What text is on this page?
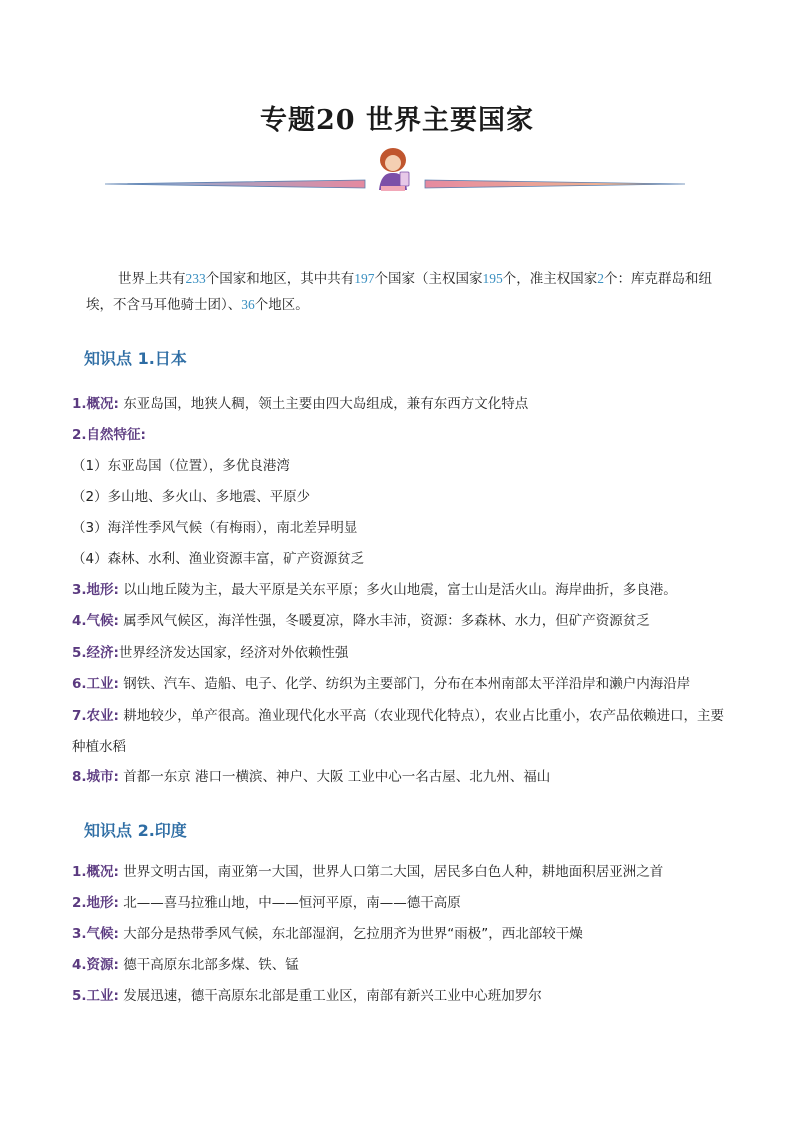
专题20 世界主要国家
世界上共有233个国家和地区，其中共有197个国家（主权国家195个，准主权国家2个：库克群岛和纽埃，不含马耳他骑士团）、36个地区。
知识点 1.日本
1.概况: 东亚岛国，地狭人稠，领土主要由四大岛组成，兼有东西方文化特点
2.自然特征:
（1）东亚岛国（位置），多优良港湾
（2）多山地、多火山、多地震、平原少
（3）海洋性季风气候（有梅雨），南北差异明显
（4）森林、水利、渔业资源丰富，矿产资源贫乏
3.地形: 以山地丘陵为主，最大平原是关东平原；多火山地震，富士山是活火山。海岸曲折，多良港。
4.气候: 属季风气候区，海洋性强，冬暖夏凉，降水丰沛，资源：多森林、水力，但矿产资源贫乏
5.经济:世界经济发达国家，经济对外依赖性强
6.工业: 钢铁、汽车、造船、电子、化学、纺织为主要部门，分布在本州南部太平洋沿岸和濑户内海沿岸
7.农业: 耕地较少，单产很高。渔业现代化水平高（农业现代化特点），农业占比重小，农产品依赖进口，主要种植水稻
8.城市: 首都一东京 港口一横滨、神户、大阪 工业中心一名古屋、北九州、福山
知识点 2.印度
1.概况: 世界文明古国，南亚第一大国，世界人口第二大国，居民多白色人种，耕地面积居亚洲之首
2.地形: 北——喜马拉雅山地，中——恒河平原，南——德干高原
3.气候: 大部分是热带季风气候，东北部湿润，乞拉朋齐为世界“雨极”，西北部较干燥
4.资源: 德干高原东北部多煤、铁、锰
5.工业: 发展迅速，德干高原东北部是重工业区，南部有新兴工业中心班加罗尔
